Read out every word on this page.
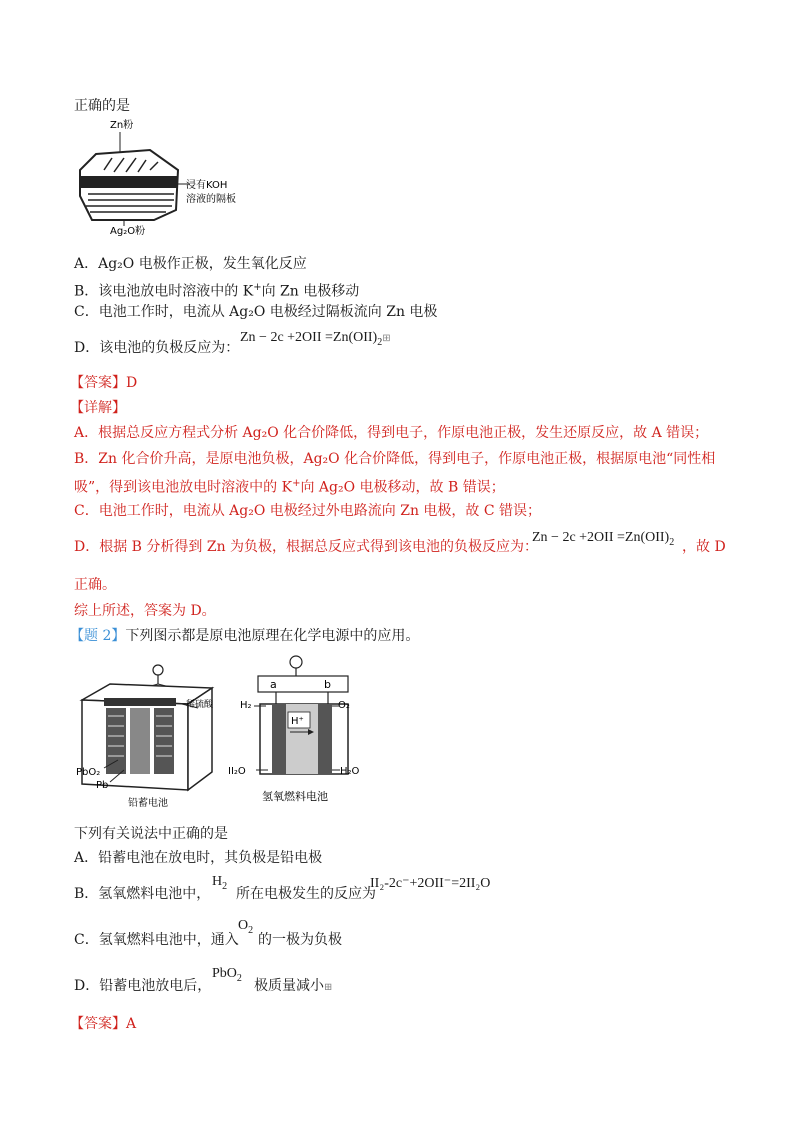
正确的是
Zn粉
浸有KOH
溶液的隔板
Ag₂O粉
A．Ag₂O 电极作正极，发生氧化反应
B．该电池放电时溶液中的 K+向 Zn 电极移动
C．电池工作时，电流从 Ag₂O 电极经过隔板流向 Zn 电极
D．该电池的负极反应为：
$Zn - 2c +2OII =Zn(OII)_2⊞$
【答案】D
【详解】
A．根据总反应方程式分析 Ag₂O 化合价降低，得到电子，作原电池正极，发生还原反应，故 A 错误；
B．Zn 化合价升高，是原电池负极，Ag₂O 化合价降低，得到电子，作原电池正极，根据原电池“同性相
吸”，得到该电池放电时溶液中的 K+向 Ag₂O 电极移动，故 B 错误；
C．电池工作时，电流从 Ag₂O 电极经过外电路流向 Zn 电极，故 C 错误；
D．根据 B 分析得到 Zn 为负极，根据总反应式得到该电池的负极反应为：
$Zn - 2c +2OII =Zn(OII)_2$ ，故 D
正确。
综上所述，答案为 D。
【题 2】下列图示都是原电池原理在化学电源中的应用。
稀硫酸
PbO₂
Pb
铅蓄电池
a	b
H₂	O₂
H⁺
II₂O	H₂O
氢氧燃料电池
下列有关说法中正确的是
A．铅蓄电池在放电时，其负极是铅电极
B．氢氧燃料电池中，
$H_2$ 所在电极发生的反应为
II₂-2c⁻+2OII⁻=2II₂O
C．氢氧燃料电池中，通入
$O_2$
的一极为负极
D．铅蓄电池放电后，
PbO$_2$ 极质量减小⊞
【答案】A
